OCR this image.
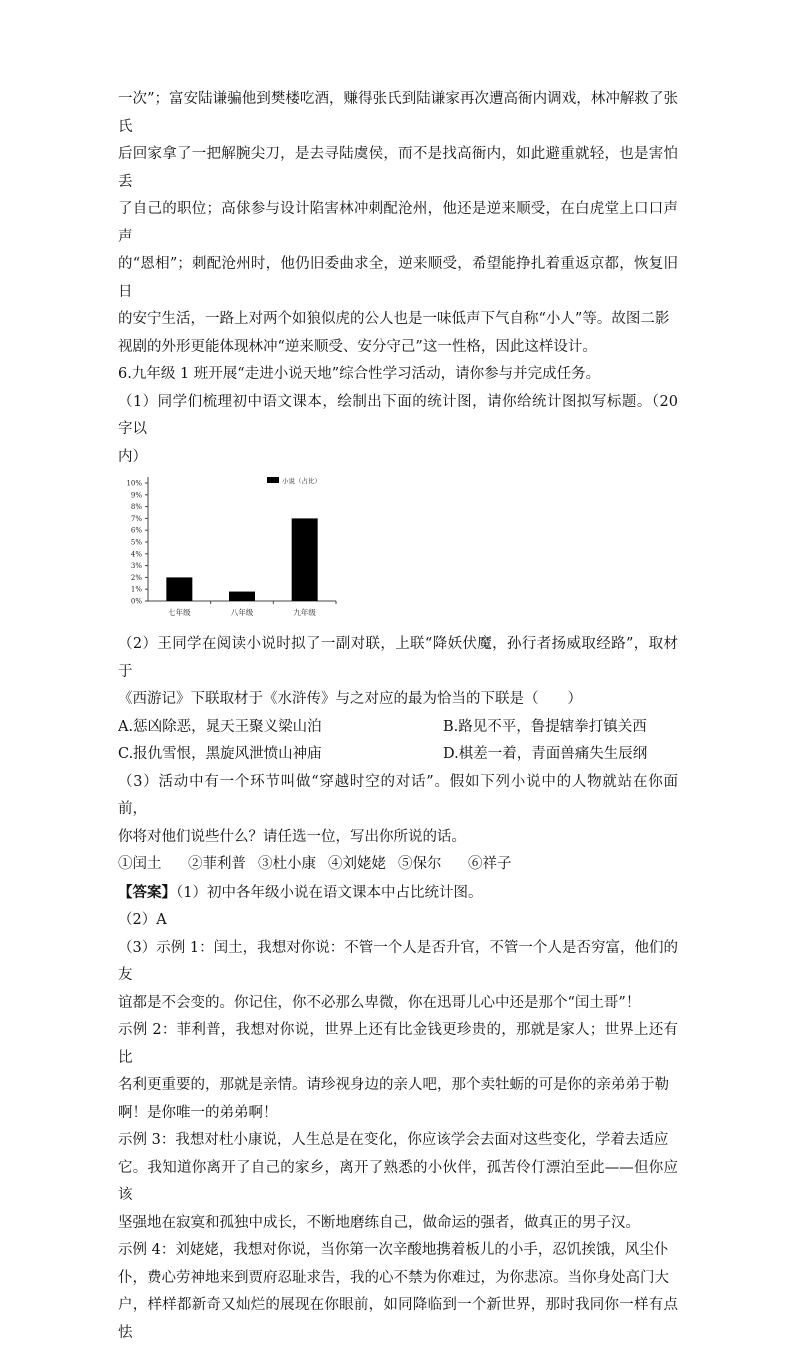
一次”；富安陆谦骗他到樊楼吃酒，赚得张氏到陆谦家再次遭高衙内调戏，林冲解救了张氏

后回家拿了一把解腕尖刀，是去寻陆虞侯，而不是找高衙内，如此避重就轻，也是害怕丢

了自己的职位；高俅参与设计陷害林冲刺配沧州，他还是逆来顺受，在白虎堂上口口声声

的“恩相”；刺配沧州时，他仍旧委曲求全，逆来顺受，希望能挣扎着重返京都，恢复旧日

的安宁生活，一路上对两个如狼似虎的公人也是一味低声下气自称“小人”等。故图二影

视剧的外形更能体现林冲“逆来顺受、安分守己”这一性格，因此这样设计。

6.九年级 1 班开展“走进小说天地”综合性学习活动，请你参与并完成任务。

（1）同学们梳理初中语文课本，绘制出下面的统计图，请你给统计图拟写标题。（20 字以

内）

0%
1%
2%
3%
4%
5%
6%
7%
8%
9%
10%
七年级	八年级	九年级
小说（占比）

（2）王同学在阅读小说时拟了一副对联，上联“降妖伏魔，孙行者扬威取经路”，取材于

《西游记》下联取材于《水浒传》与之对应的最为恰当的下联是（　　）

A.惩凶除恶，晁天王聚义梁山泊	B.路见不平，鲁提辖拳打镇关西
C.报仇雪恨，黑旋风泄愤山神庙	D.棋差一着，青面兽痛失生辰纲

（3）活动中有一个环节叫做“穿越时空的对话”。假如下列小说中的人物就站在你面前，

你将对他们说些什么？请任选一位，写出你所说的话。

①闰土	②菲利普 ③杜小康 ④刘姥姥 ⑤保尔	⑥祥子

【答案】（1）初中各年级小说在语文课本中占比统计图。

（2）A

（3）示例 1：闰土，我想对你说：不管一个人是否升官，不管一个人是否穷富，他们的友

谊都是不会变的。你记住，你不必那么卑微，你在迅哥儿心中还是那个“闰土哥”！

示例 2：菲利普，我想对你说，世界上还有比金钱更珍贵的，那就是家人；世界上还有比

名利更重要的，那就是亲情。请珍视身边的亲人吧，那个卖牡蛎的可是你的亲弟弟于勒

啊！是你唯一的弟弟啊！

示例 3：我想对杜小康说，人生总是在变化，你应该学会去面对这些变化，学着去适应

它。我知道你离开了自己的家乡，离开了熟悉的小伙伴，孤苦伶仃漂泊至此——但你应该

坚强地在寂寞和孤独中成长，不断地磨练自己，做命运的强者，做真正的男子汉。

示例 4：刘姥姥，我想对你说，当你第一次辛酸地携着板儿的小手，忍饥挨饿，风尘仆

仆，费心劳神地来到贾府忍耻求告，我的心不禁为你难过，为你悲凉。当你身处高门大

户，样样都新奇又灿烂的展现在你眼前，如同降临到一个新世界，那时我同你一样有点怯
